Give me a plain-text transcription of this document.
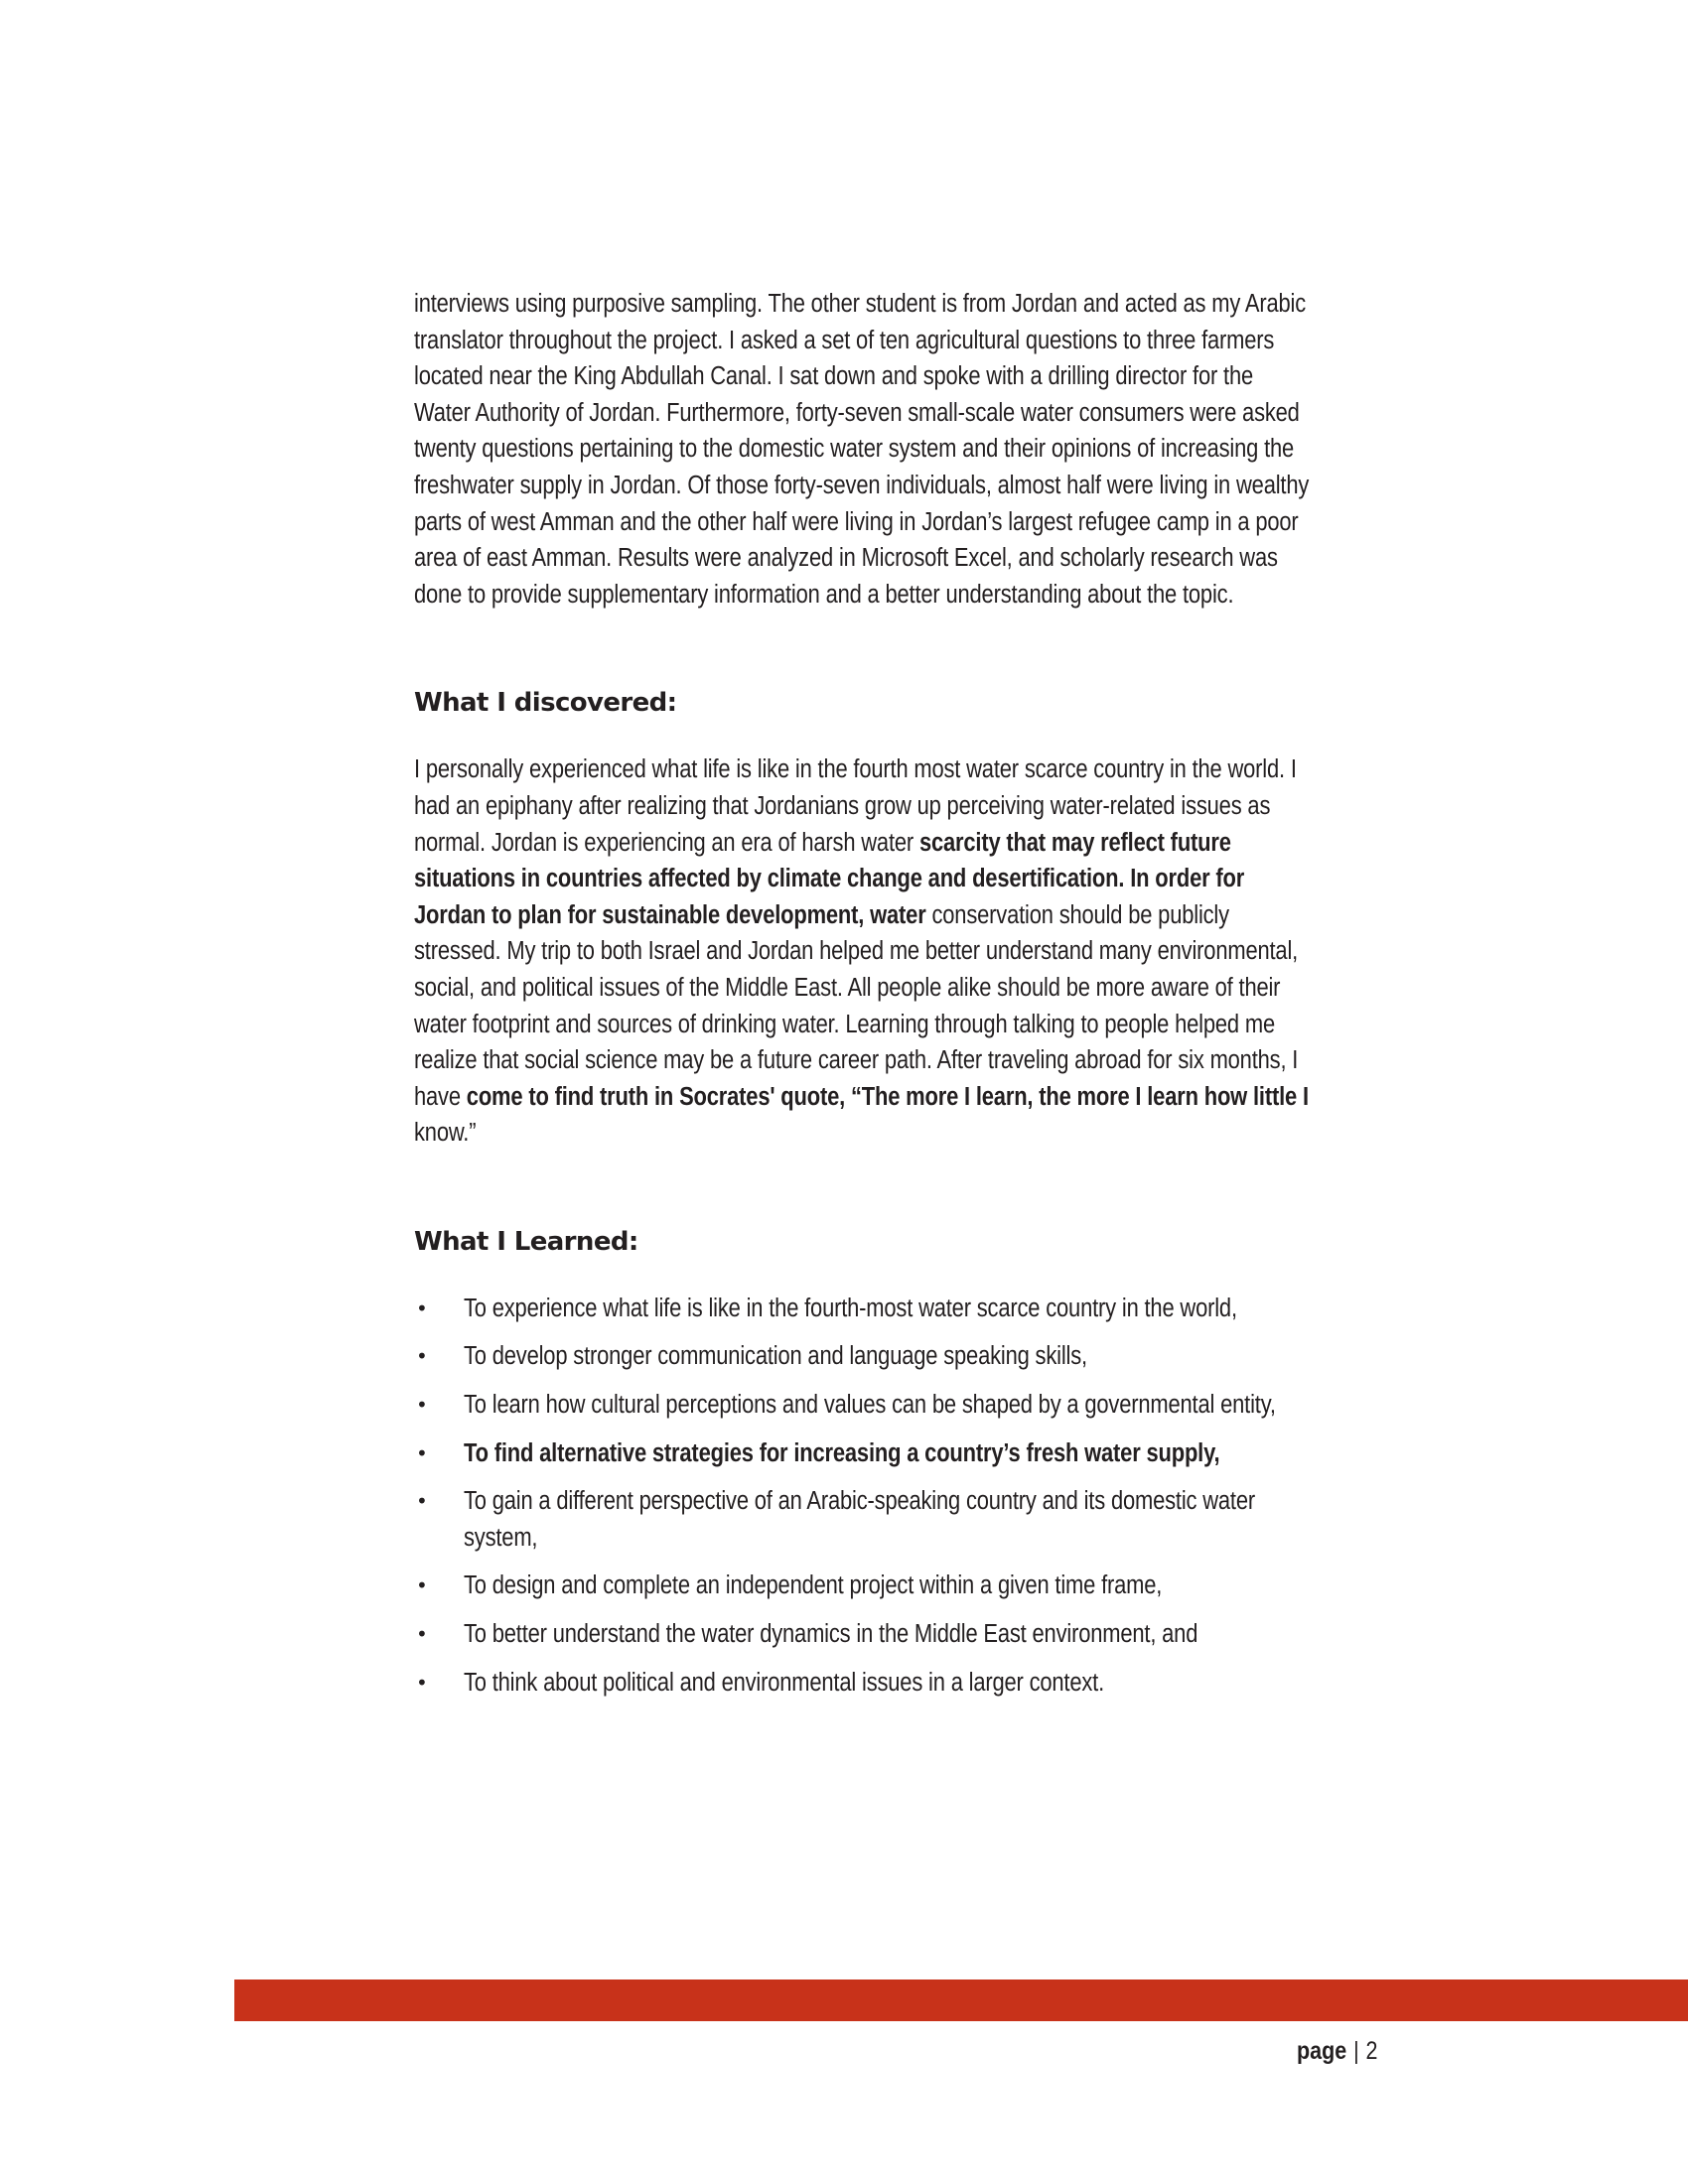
interviews using purposive sampling. The other student is from Jordan and acted as my Arabic translator throughout the project. I asked a set of ten agricultural questions to three farmers located near the King Abdullah Canal. I sat down and spoke with a drilling director for the Water Authority of Jordan. Furthermore, forty-seven small-scale water consumers were asked twenty questions pertaining to the domestic water system and their opinions of increasing the freshwater supply in Jordan. Of those forty-seven individuals, almost half were living in wealthy parts of west Amman and the other half were living in Jordan’s largest refugee camp in a poor area of east Amman. Results were analyzed in Microsoft Excel, and scholarly research was done to provide supplementary information and a better understanding about the topic.

What I discovered:

I personally experienced what life is like in the fourth most water scarce country in the world. I had an epiphany after realizing that Jordanians grow up perceiving water-related issues as normal. Jordan is experiencing an era of harsh water scarcity that may reflect future situations in countries affected by climate change and desertification. In order for Jordan to plan for sustainable development, water conservation should be publicly stressed. My trip to both Israel and Jordan helped me better understand many environmental, social, and political issues of the Middle East. All people alike should be more aware of their water footprint and sources of drinking water. Learning through talking to people helped me realize that social science may be a future career path. After traveling abroad for six months, I have come to find truth in Socrates' quote, “The more I learn, the more I learn how little I know.”

What I Learned:
• To experience what life is like in the fourth-most water scarce country in the world,
• To develop stronger communication and language speaking skills,
• To learn how cultural perceptions and values can be shaped by a governmental entity,
• To find alternative strategies for increasing a country’s fresh water supply,
• To gain a different perspective of an Arabic-speaking country and its domestic water system,
• To design and complete an independent project within a given time frame,
• To better understand the water dynamics in the Middle East environment, and
• To think about political and environmental issues in a larger context.
page | 2
